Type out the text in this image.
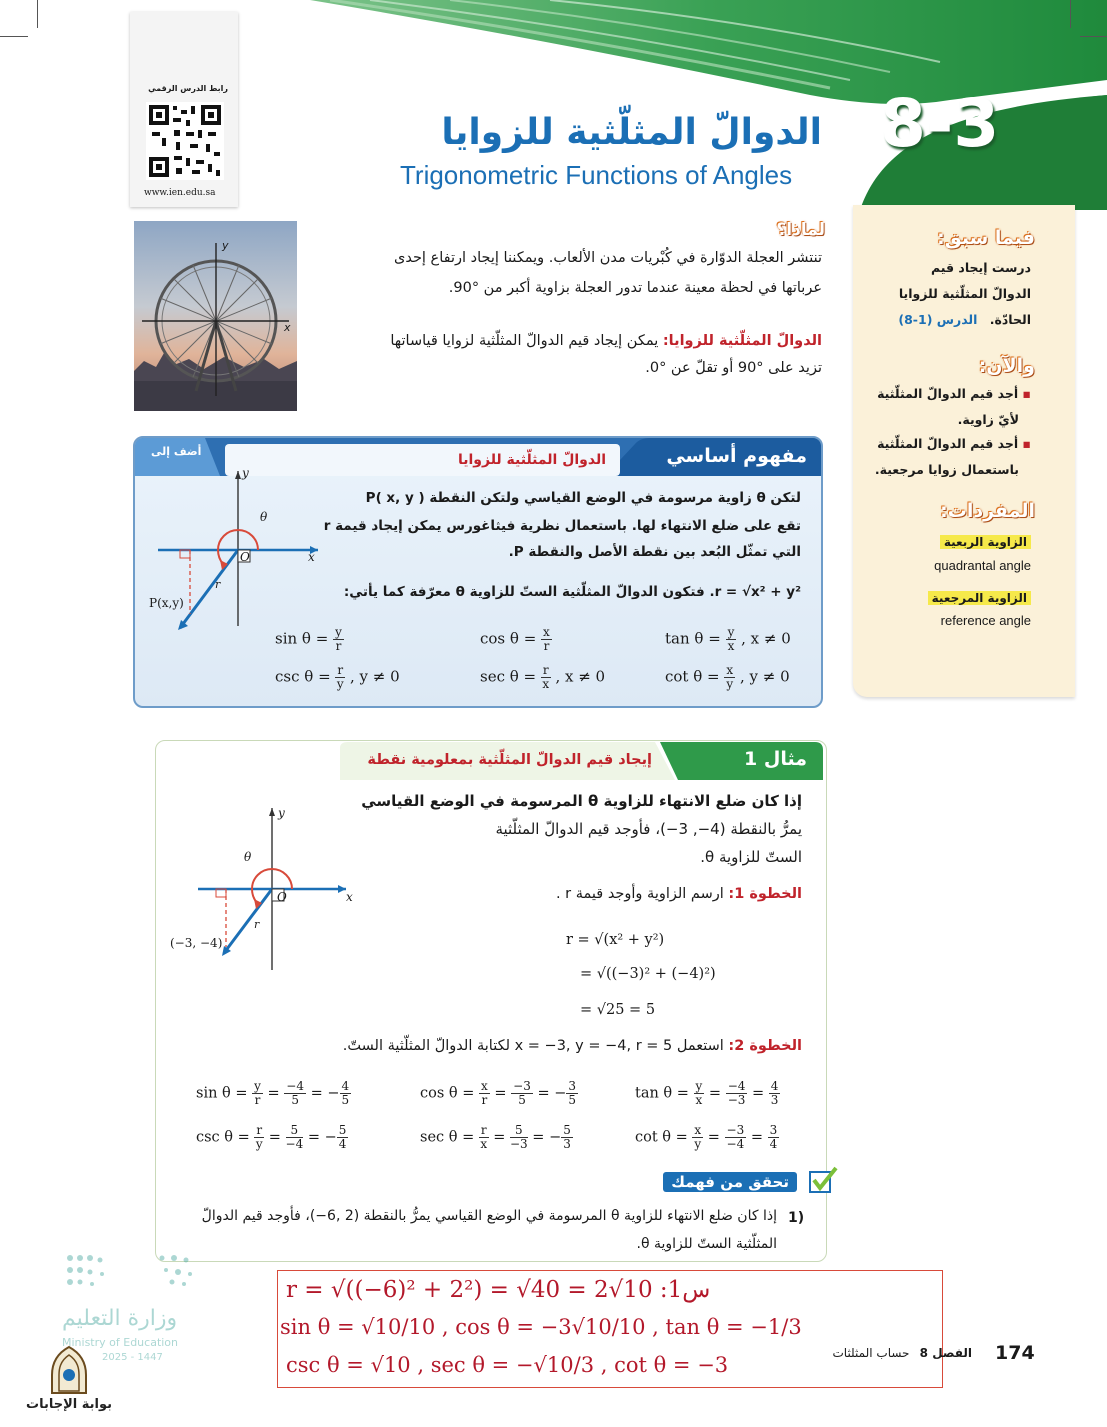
8-3
رابط الدرس الرقمي
www.ien.edu.sa
الدوالّ المثلّثية للزوايا
Trigonometric Functions of Angles
y
x
لماذا؟
تنتشر العجلة الدوّارة في كُبْريات مدن الألعاب. ويمكننا إيجاد ارتفاع إحدى
عرباتها في لحظة معينة عندما تدور العجلة بزاوية أكبر من °90.
الدوالّ المثلّثية للزوايا: يمكن إيجاد قيم الدوالّ المثلّثية لزوايا قياساتها
تزيد على °90 أو تقلّ عن °0.
فيما سبق:
درست إيجاد قيم
الدوالّ المثلّثية للزوايا
الحادّة. الدرس (1-8)
والآن:
▪ أجد قيم الدوالّ المثلّثية
لأيّ زاوية.
▪ أجد قيم الدوالّ المثلّثية
باستعمال زوايا مرجعية.
المفردات:
الزاوية الربعية
quadrantal angle
الزاوية المرجعية
reference angle
مفهوم أساسي
الدوالّ المثلّثية للزوايا
أضف إلى
لتكن θ زاوية مرسومة في الوضع القياسي ولتكن النقطة ( P( x, y
تقع على ضلع الانتهاء لها. باستعمال نظرية فيثاغورس يمكن إيجاد قيمة r
التي تمثّل البُعد بين نقطة الأصل والنقطة P.
r = √x² + y². فتكون الدوالّ المثلّثية الستّ للزاوية θ معرّفة كما يأتي:
y
θ
x
O
r
P(x,y)
$\sin \theta = \frac{y}{r}$	$\cos \theta = \frac{x}{r}$	$\tan \theta = \frac{y}{x}$ , x ≠ 0
$\csc \theta = \frac{r}{y}$ , y ≠ 0	$\sec \theta = \frac{r}{x}$ , x ≠ 0	$\cot \theta = \frac{x}{y}$ , y ≠ 0
مثال 1
إيجاد قيم الدوالّ المثلّثية بمعلومية نقطة
إذا كان ضلع الانتهاء للزاوية θ المرسومة في الوضع القياسي
يمرُّ بالنقطة (4−, 3−)، فأوجد قيم الدوالّ المثلّثية
الستّ للزاوية θ.
y
θ
O	x
r
(−3, −4)
الخطوة 1: ارسم الزاوية وأوجد قيمة r .
r = √(x² + y²)
= √((−3)² + (−4)²)
= √25 = 5
الخطوة 2: استعمل x = −3, y = −4, r = 5 لكتابة الدوالّ المثلّثية الستّ.
$\sin \theta = \frac{y}{r} = \frac{-4}{5}$ = − $\frac{4}{5}$	$\cos \theta = \frac{x}{r} = \frac{-3}{5}$ = − $\frac{3}{5}$	$\tan \theta = \frac{y}{x} = \frac{-4}{-3} = \frac{4}{3}$
$\csc \theta = \frac{r}{y} = \frac{5}{-4}$ = − $\frac{5}{4}$	$\sec \theta = \frac{r}{x} = \frac{5}{-3}$ = − $\frac{5}{3}$	$\cot \theta = \frac{x}{y} = \frac{-3}{-4} = \frac{3}{4}$
تحقق من فهمك
1)
إذا كان ضلع الانتهاء للزاوية θ المرسومة في الوضع القياسي يمرُّ بالنقطة (2 ,6−)، فأوجد قيم الدوالّ
المثلّثية الستّ للزاوية θ.
r = √((−6)² + 2²) = √40 = 2√10 :1س
sin θ = √10/10 , cos θ = −3√10/10 , tan θ = −1/3
csc θ = √10 , sec θ = −√10/3 , cot θ = −3	174
الفصل 8 حساب المثلثات
وزارة التعليم
Ministry of Education
2025 - 1447
بوابة الإجابات
